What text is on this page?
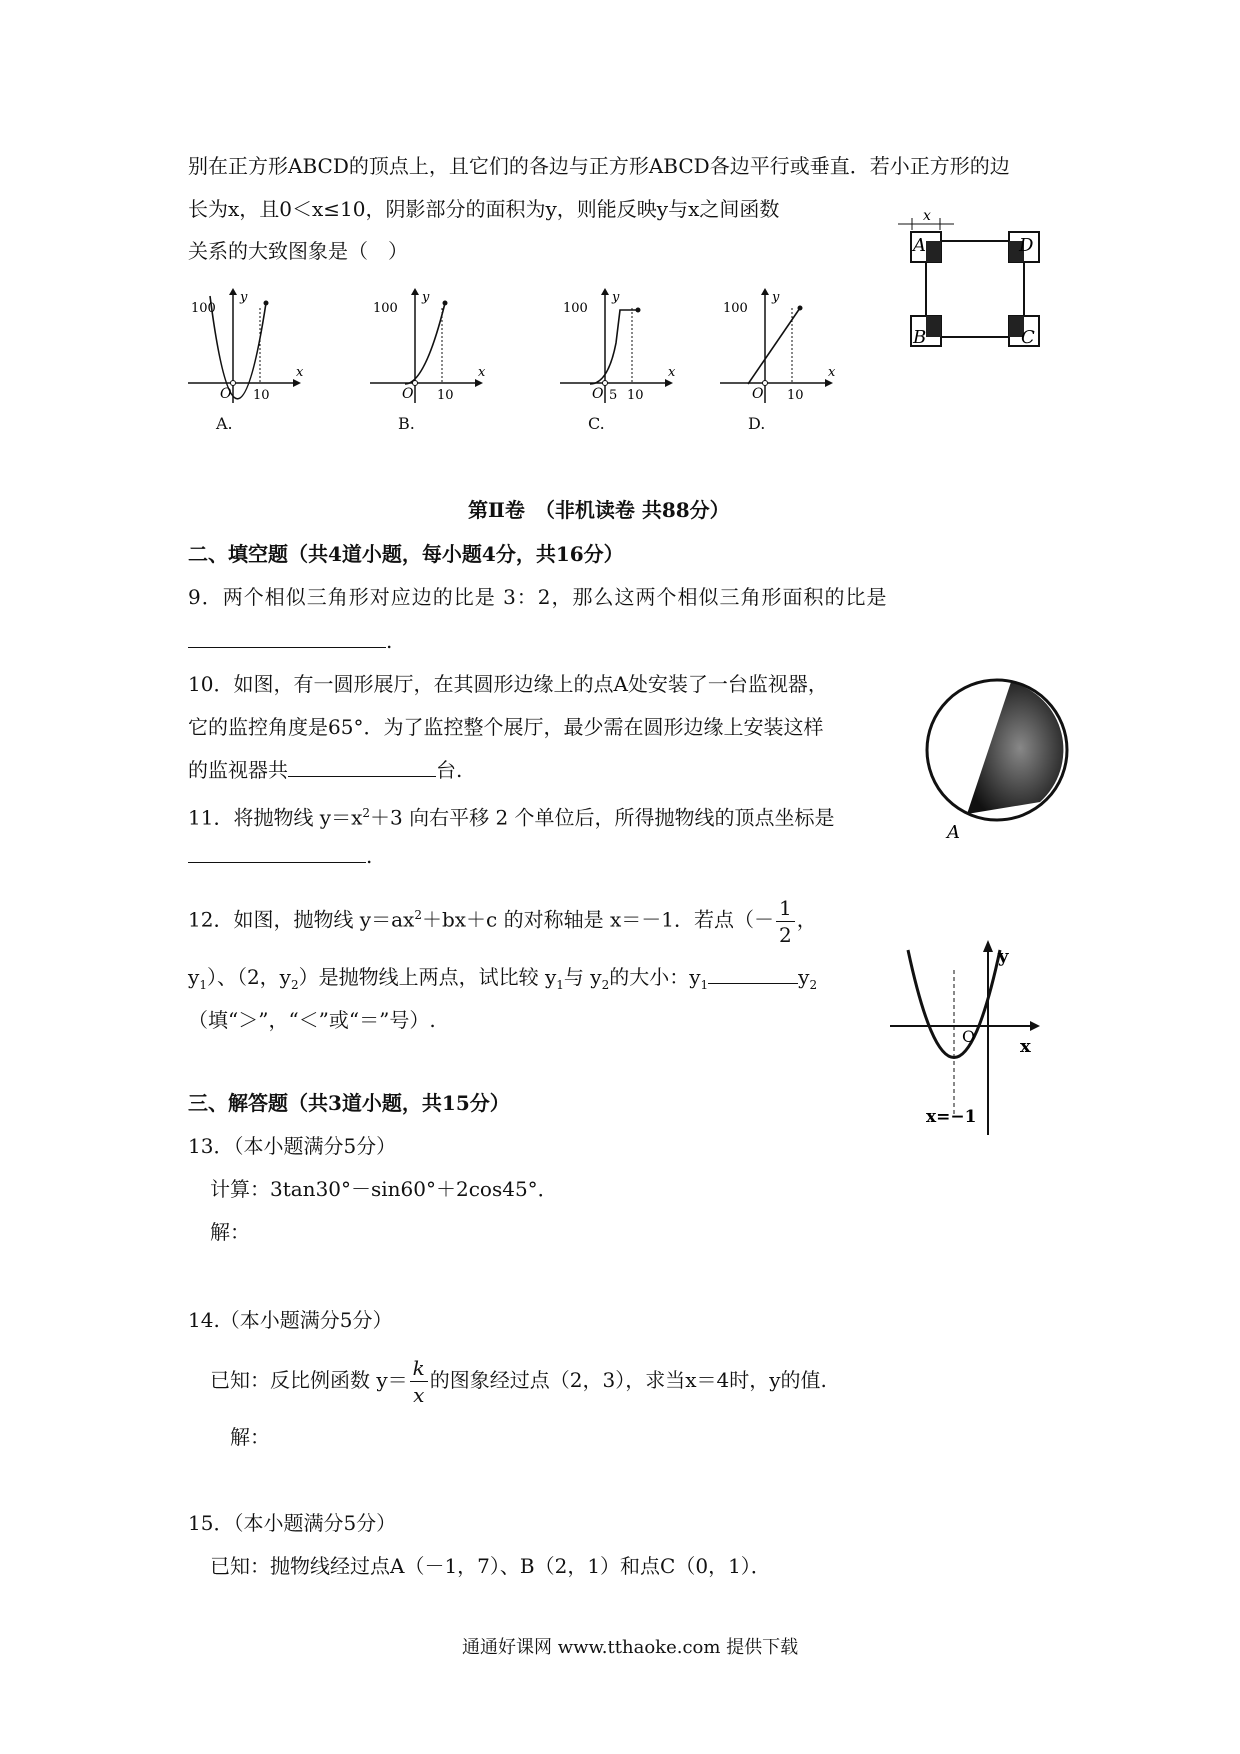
别在正方形ABCD的顶点上，且它们的各边与正方形ABCD各边平行或垂直．若小正方形的边
长为x，且0＜x≤10，阴影部分的面积为y，则能反映y与x之间函数
关系的大致图象是（　）
100
y
x
O 10
A.
100
y
x
O 10
B.
100
y
x
O 5 10
C.
100
y
x
O 10
D.
x
A	D
B	C
第Ⅱ卷　（非机读卷 共88分）
二、填空题（共4道小题，每小题4分，共16分）
9．两个相似三角形对应边的比是 3：2，那么这两个相似三角形面积的比是
.
10．如图，有一圆形展厅，在其圆形边缘上的点A处安装了一台监视器，
它的监控角度是65°．为了监控整个展厅，最少需在圆形边缘上安装这样
的监视器共	台.
A
11．将抛物线 $y=x^2+3$ 向右平移 2 个单位后，所得抛物线的顶点坐标是
.
12．如图，抛物线 $y=ax^2+bx+c$ 的对称轴是 x＝－1．若点（－ $\frac{1}{2}$ ，
$y_1$）、（2，$y_2$）是抛物线上两点，试比较 $y_1$与 $y_2$的大小：$y_1$	$y_2$
（填“＞”，“＜”或“＝”号）.
y
x
O
x=−1
三、解答题（共3道小题，共15分）
13．（本小题满分5分）
计算：3tan30°－sin60°＋2cos45°．
解：
14.（本小题满分5分）
已知：反比例函数 $y= \frac{k}{x}$ 的图象经过点（2，3），求当x＝4时，y的值.
解：
15．（本小题满分5分）
已知：抛物线经过点A（－1，7）、B（2，1）和点C（0，1）．
通通好课网 www.tthaoke.com 提供下载
